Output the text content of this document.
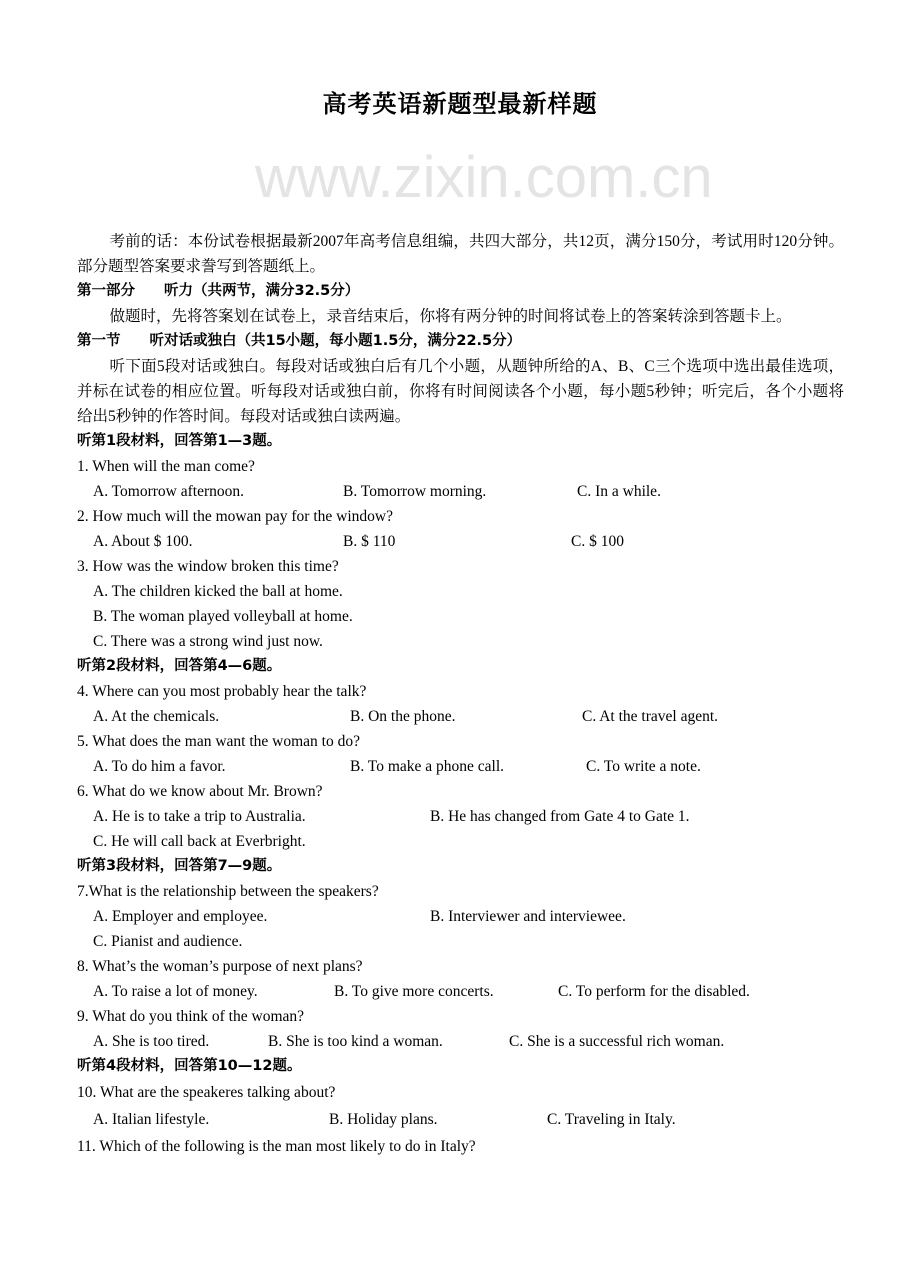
www.zixin.com.cn
高考英语新题型最新样题
考前的话：本份试卷根据最新2007年高考信息组编，共四大部分，共12页，满分150分，考试用时120分钟。部分题型答案要求誊写到答题纸上。
第一部分　　听力（共两节，满分32.5分）
做题时，先将答案划在试卷上，录音结束后，你将有两分钟的时间将试卷上的答案转涂到答题卡上。
第一节　　听对话或独白（共15小题，每小题1.5分，满分22.5分）
听下面5段对话或独白。每段对话或独白后有几个小题，从题钟所给的A、B、C三个选项中选出最佳选项，并标在试卷的相应位置。听每段对话或独白前，你将有时间阅读各个小题，每小题5秒钟；听完后，各个小题将给出5秒钟的作答时间。每段对话或独白读两遍。
听第1段材料，回答第1—3题。
1. When will the man come?
A. Tomorrow afternoon.	B. Tomorrow morning.	C. In a while.
2. How much will the mowan pay for the window?
A. About $ 100.	B. $ 110	C. $ 100
3. How was the window broken this time?
A. The children kicked the ball at home.
B. The woman played volleyball at home.
C. There was a strong wind just now.
听第2段材料，回答第4—6题。
4. Where can you most probably hear the talk?
A. At the chemicals.	B. On the phone.	C. At the travel agent.
5. What does the man want the woman to do?
A. To do him a favor.	B. To make a phone call.	C. To write a note.
6. What do we know about Mr. Brown?
A. He is to take a trip to Australia.	B. He has changed from Gate 4 to Gate 1.
C. He will call back at Everbright.
听第3段材料，回答第7—9题。
7.What is the relationship between the speakers?
A. Employer and employee.	B. Interviewer and interviewee.
C. Pianist and audience.
8. What’s the woman’s purpose of next plans?
A. To raise a lot of money.	B. To give more concerts.	C. To perform for the disabled.
9. What do you think of the woman?
A. She is too tired.	B. She is too kind a woman.	C. She is a successful rich woman.
听第4段材料，回答第10—12题。
10. What are the speakeres talking about?
A. Italian lifestyle.	B. Holiday plans.	C. Traveling in Italy.
11. Which of the following is the man most likely to do in Italy?
